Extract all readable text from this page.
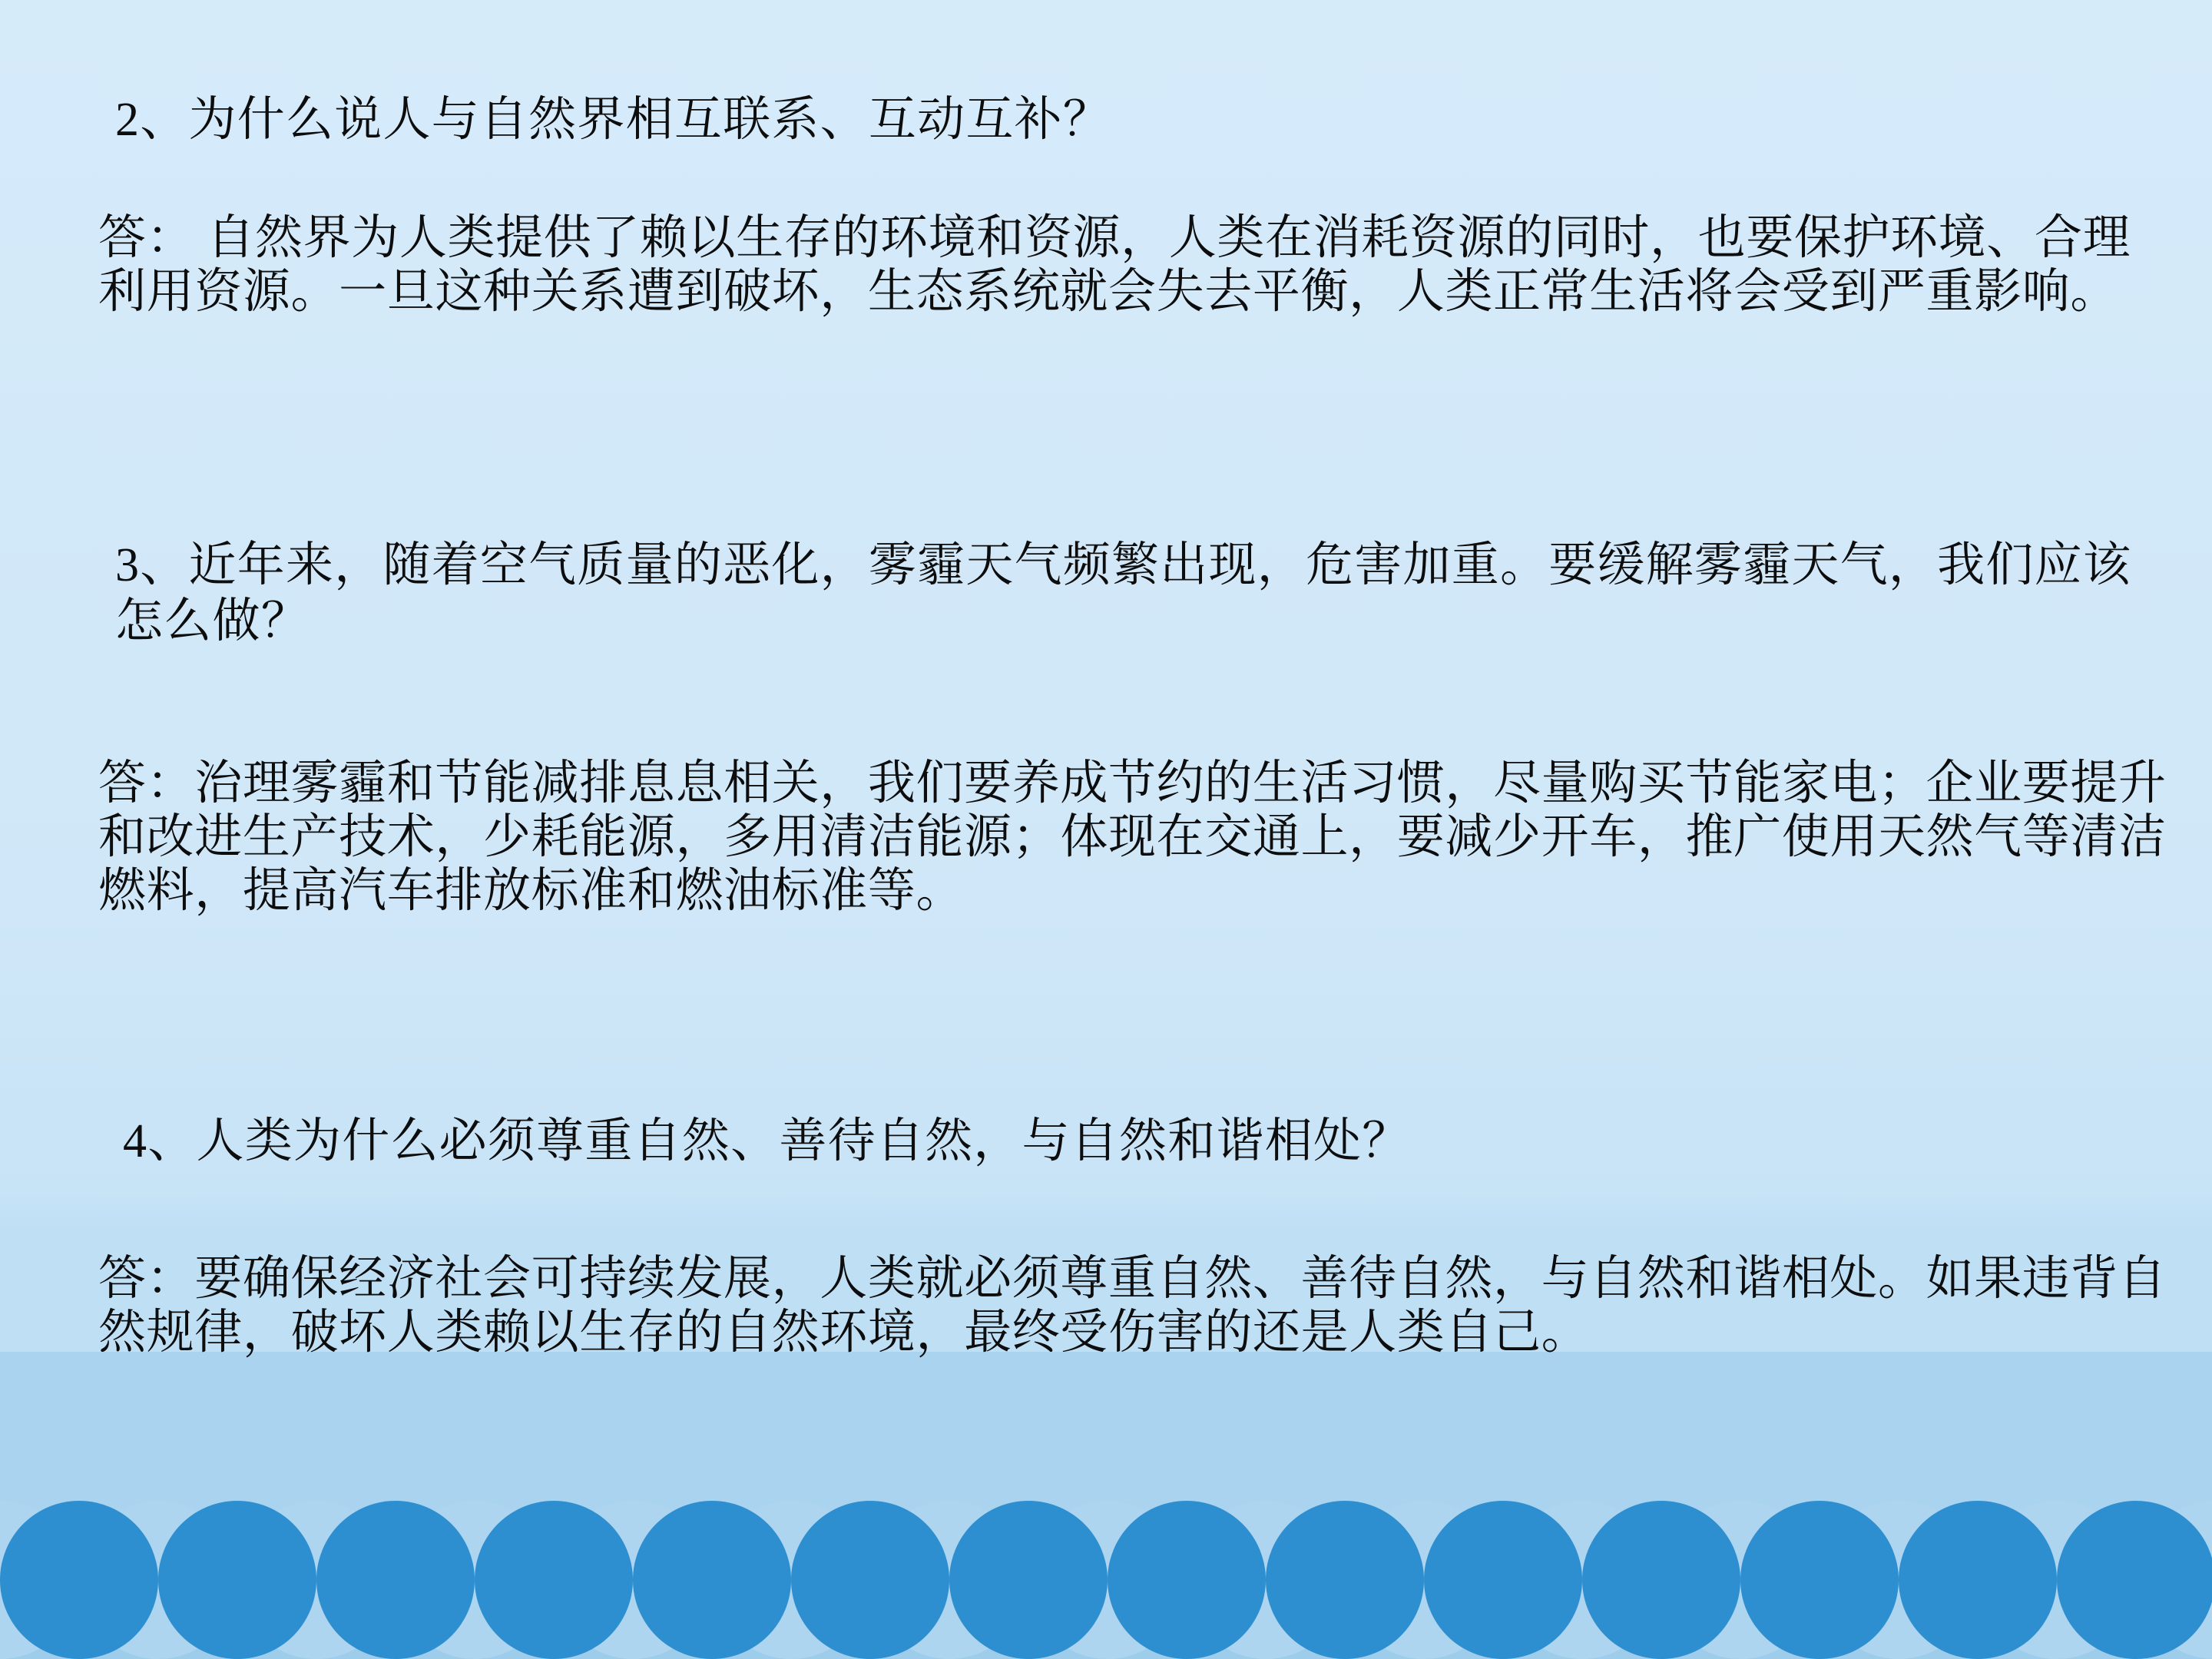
2、为什么说人与自然界相互联系、互动互补？
答： 自然界为人类提供了赖以生存的环境和资源，人类在消耗资源的同时，也要保护环境、合理利用资源。一旦这种关系遭到破坏，生态系统就会失去平衡，人类正常生活将会受到严重影响。
3、近年来，随着空气质量的恶化，雾霾天气频繁出现，危害加重。要缓解雾霾天气，我们应该怎么做？
答：治理雾霾和节能减排息息相关，我们要养成节约的生活习惯，尽量购买节能家电；企业要提升和改进生产技术，少耗能源，多用清洁能源；体现在交通上，要减少开车，推广使用天然气等清洁燃料，提高汽车排放标准和燃油标准等。
4、人类为什么必须尊重自然、善待自然，与自然和谐相处？
答：要确保经济社会可持续发展，人类就必须尊重自然、善待自然，与自然和谐相处。如果违背自然规律，破坏人类赖以生存的自然环境，最终受伤害的还是人类自己。
